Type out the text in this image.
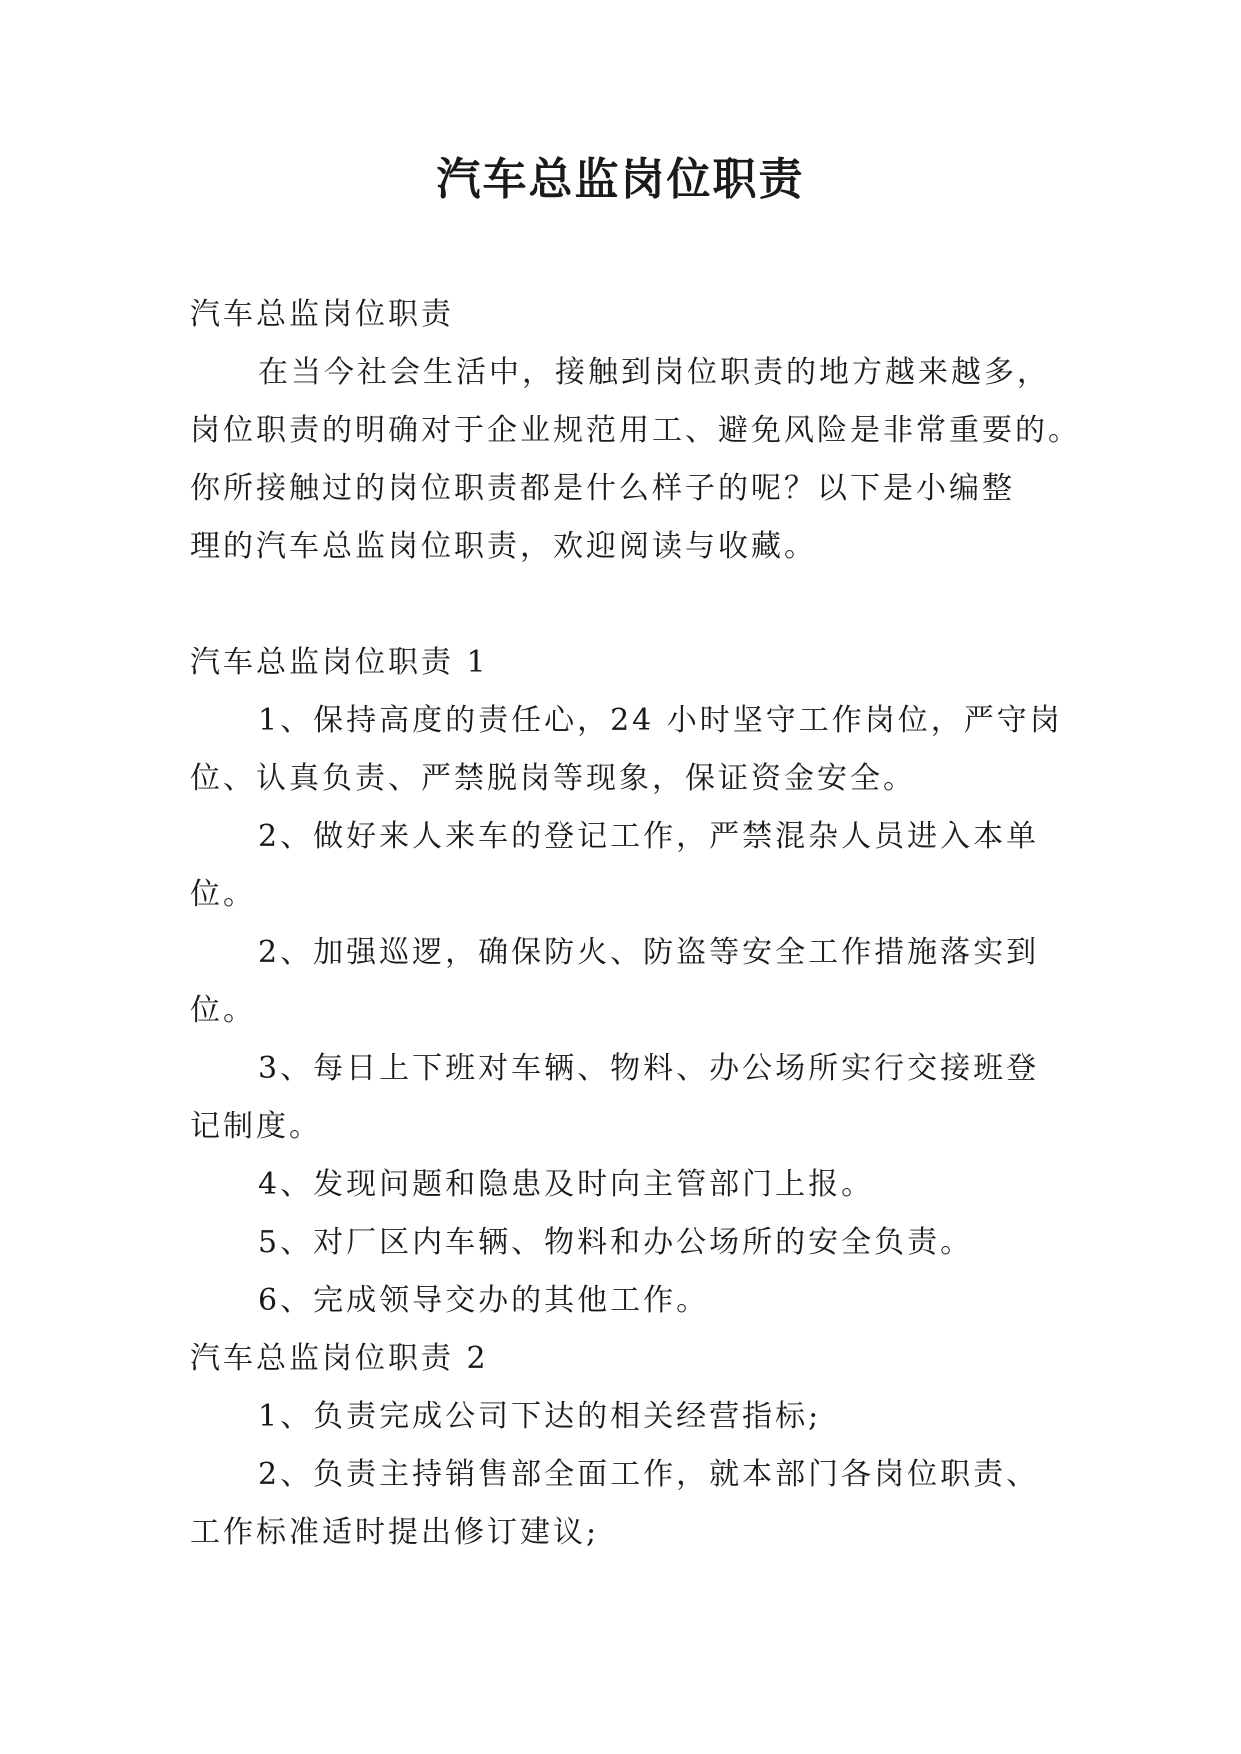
汽车总监岗位职责
汽车总监岗位职责
在当今社会生活中，接触到岗位职责的地方越来越多，
岗位职责的明确对于企业规范用工、避免风险是非常重要的。
你所接触过的岗位职责都是什么样子的呢？以下是小编整
理的汽车总监岗位职责，欢迎阅读与收藏。
汽车总监岗位职责 1
1、保持高度的责任心，24 小时坚守工作岗位，严守岗
位、认真负责、严禁脱岗等现象，保证资金安全。
2、做好来人来车的登记工作，严禁混杂人员进入本单
位。
2、加强巡逻，确保防火、防盗等安全工作措施落实到
位。
3、每日上下班对车辆、物料、办公场所实行交接班登
记制度。
4、发现问题和隐患及时向主管部门上报。
5、对厂区内车辆、物料和办公场所的安全负责。
6、完成领导交办的其他工作。
汽车总监岗位职责 2
1、负责完成公司下达的相关经营指标;
2、负责主持销售部全面工作，就本部门各岗位职责、
工作标准适时提出修订建议;
